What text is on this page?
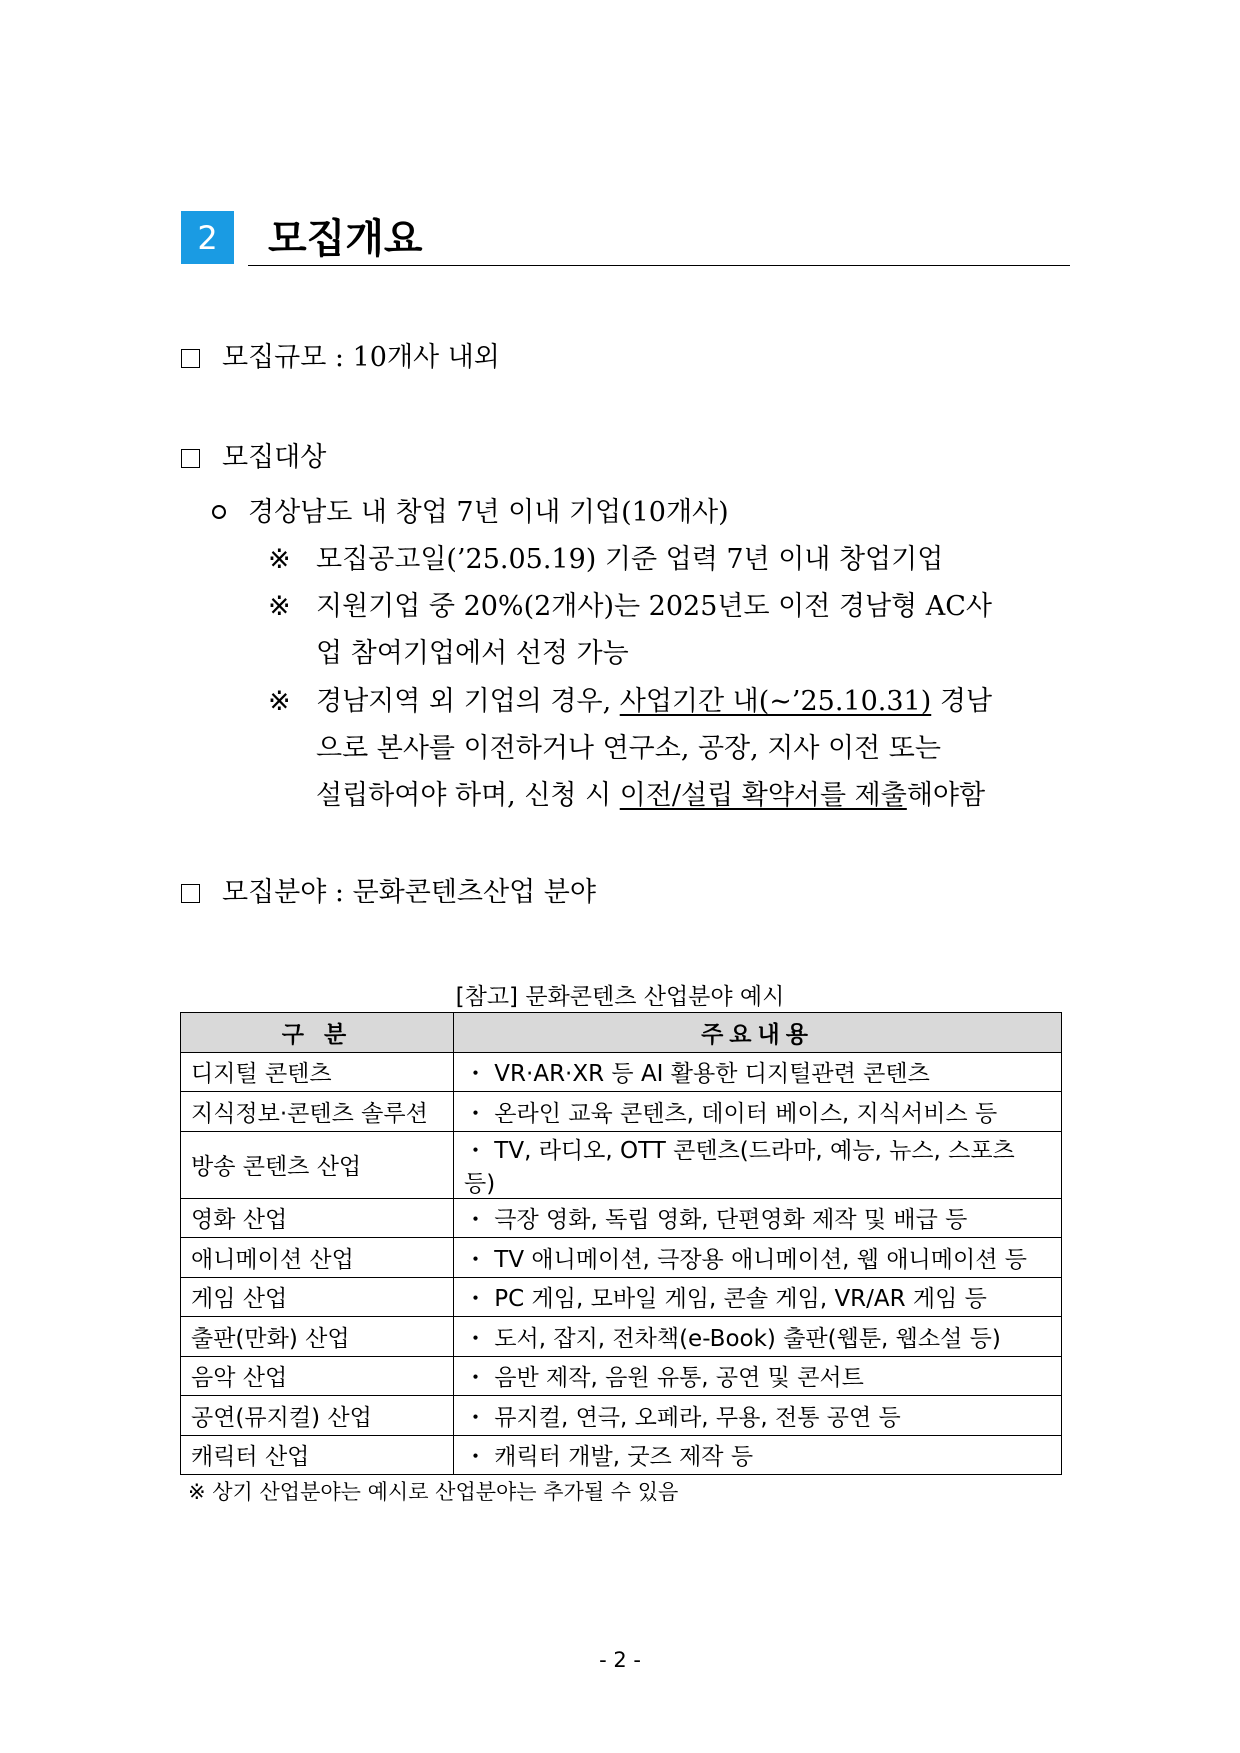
2	모집개요
모집규모 : 10개사 내외
모집대상
경상남도 내 창업 7년 이내 기업(10개사)
※ 모집공고일(’25.05.19) 기준 업력 7년 이내 창업기업
※ 지원기업 중 20%(2개사)는 2025년도 이전 경남형 AC사
업 참여기업에서 선정 가능
※ 경남지역 외 기업의 경우, 사업기간 내(~’25.10.31) 경남
으로 본사를 이전하거나 연구소, 공장, 지사 이전 또는
설립하여야 하며, 신청 시 이전/설립 확약서를 제출해야함
모집분야 : 문화콘텐츠산업 분야
[참고] 문화콘텐츠 산업분야 예시
구 분	주요내용
디지털 콘텐츠	・ VR·AR·XR 등 AI 활용한 디지털관련 콘텐츠
지식정보·콘텐츠 솔루션	・ 온라인 교육 콘텐츠, 데이터 베이스, 지식서비스 등
방송 콘텐츠 산업	・ TV, 라디오, OTT 콘텐츠(드라마, 예능, 뉴스, 스포츠 등)
영화 산업	・ 극장 영화, 독립 영화, 단편영화 제작 및 배급 등
애니메이션 산업	・ TV 애니메이션, 극장용 애니메이션, 웹 애니메이션 등
게임 산업	・ PC 게임, 모바일 게임, 콘솔 게임, VR/AR 게임 등
출판(만화) 산업	・ 도서, 잡지, 전차책(e-Book) 출판(웹툰, 웹소설 등)
음악 산업	・ 음반 제작, 음원 유통, 공연 및 콘서트
공연(뮤지컬) 산업	・ 뮤지컬, 연극, 오페라, 무용, 전통 공연 등
캐릭터 산업	・ 캐릭터 개발, 굿즈 제작 등
※ 상기 산업분야는 예시로 산업분야는 추가될 수 있음
- 2 -
